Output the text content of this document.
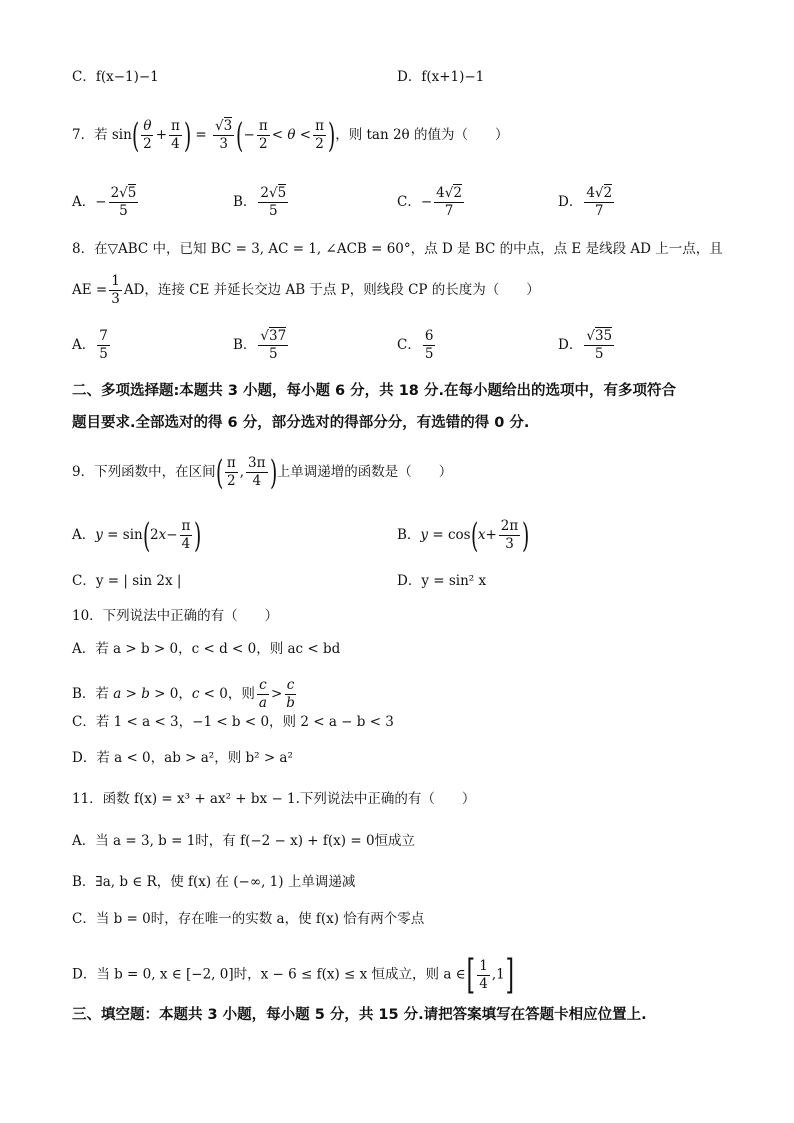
C．f(x−1)−1	D．f(x+1)−1
7．若 $\sin( \frac{\theta}{2} + \frac{\pi}{4}$ ) = $\frac{√3}{3}$ (− $\frac{\pi}{2} < \theta < \frac{\pi}{2}$ )，则 tan 2θ 的值为（　　）
A．− $\frac{2√5}{5}$	B． $\frac{2√5}{5}$	C．− $\frac{4√2}{7}$	D． $\frac{4√2}{7}$
8．在▽ABC 中，已知 BC = 3, AC = 1, ∠ACB = 60°，点 D 是 BC 的中点，点 E 是线段 AD 上一点，且
AE = $\frac{1}{3}$ AD，连接 CE 并延长交边 AB 于点 P，则线段 CP 的长度为（　　）
A． $\frac{7}{5}$	B． $\frac{√37}{5}$	C． $\frac{6}{5}$	D． $\frac{√35}{5}$
二、多项选择题:本题共 3 小题，每小题 6 分，共 18 分.在每小题给出的选项中，有多项符合
题目要求.全部选对的得 6 分，部分选对的得部分分，有选错的得 0 分.
9．下列函数中，在区间( $\frac{\pi}{2}$ , $\frac{3\pi}{4}$ )上单调递增的函数是（　　）
A．$y = \sin(2x- \frac{\pi}{4}$ )	B．$y = \cos(x+ \frac{2\pi}{3}$ )
C．y = | sin 2x |	D．y = sin² x
10．下列说法中正确的有（　　）
A．若 a > b > 0，c < d < 0，则 ac < bd
B．若 a > b > 0，c < 0，则 $\frac{c}{a} > \frac{c}{b}$
C．若 1 < a < 3，−1 < b < 0，则 2 < a − b < 3
D．若 a < 0，ab > a²，则 b² > a²
11．函数 f(x) = x³ + ax² + bx − 1.下列说法中正确的有（　　）
A．当 a = 3, b = 1时，有 f(−2 − x) + f(x) = 0恒成立
B．∃a, b ∈ R，使 f(x) 在 (−∞, 1) 上单调递减
C．当 b = 0时，存在唯一的实数 a，使 f(x) 恰有两个零点
D．当 b = 0, x ∈ [−2, 0]时，x − 6 ≤ f(x) ≤ x 恒成立，则 a ∈[ $\frac{1}{4} ,1$]
三、填空题：本题共 3 小题，每小题 5 分，共 15 分.请把答案填写在答题卡相应位置上.
